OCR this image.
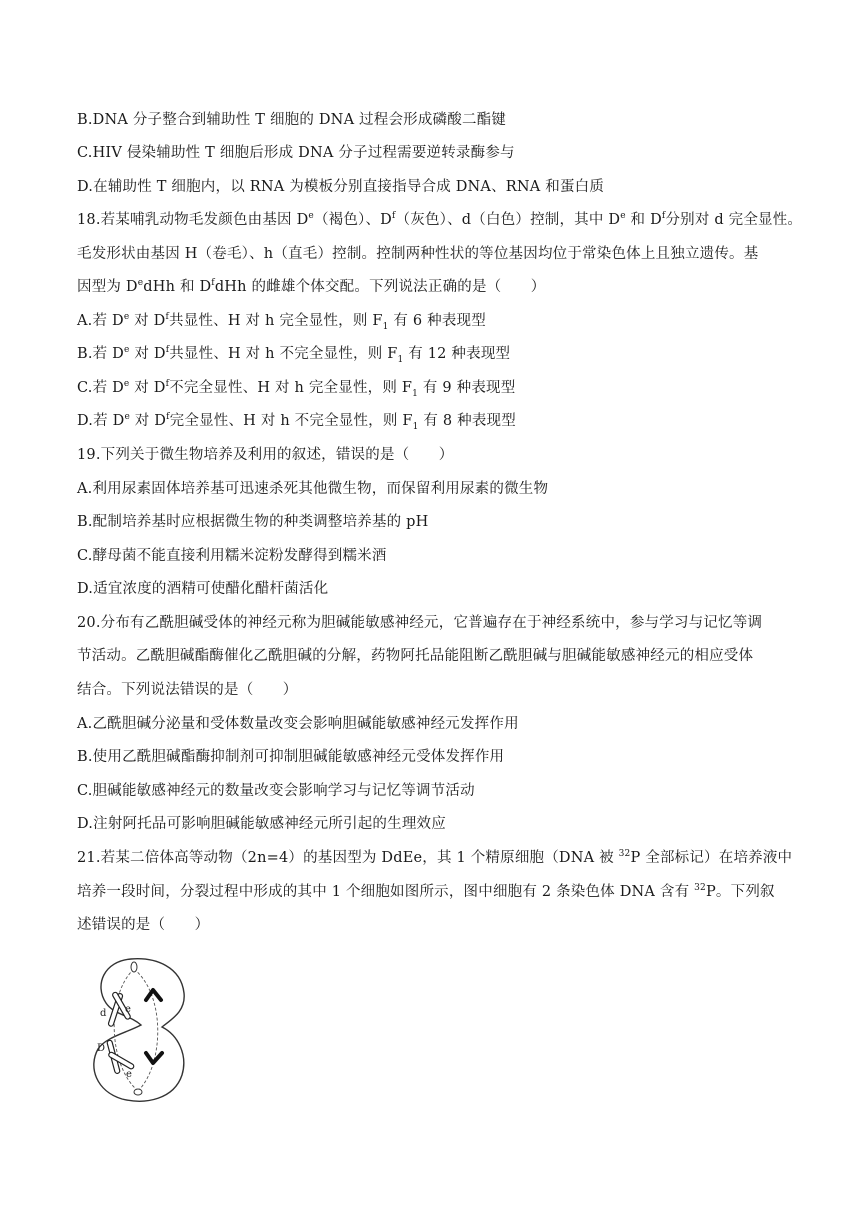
B.DNA 分子整合到辅助性 T 细胞的 DNA 过程会形成磷酸二酯键
C.HIV 侵染辅助性 T 细胞后形成 DNA 分子过程需要逆转录酶参与
D.在辅助性 T 细胞内，以 RNA 为模板分别直接指导合成 DNA、RNA 和蛋白质
18.若某哺乳动物毛发颜色由基因 De（褐色）、$D^f$（灰色）、d（白色）控制，其中 De 和 $D^f$分别对 d 完全显性。
毛发形状由基因 H（卷毛）、h（直毛）控制。控制两种性状的等位基因均位于常染色体上且独立遗传。基
因型为 DedHh 和 $D^fdHh$ 的雌雄个体交配。下列说法正确的是（　　）
A.若 De 对 $D^f$共显性、H 对 h 完全显性，则 $F_1$ 有 6 种表现型
B.若 De 对 $D^f$共显性、H 对 h 不完全显性，则 $F_1$ 有 12 种表现型
C.若 De 对 $D^f$不完全显性、H 对 h 完全显性，则 $F_1$ 有 9 种表现型
D.若 De 对 $D^f$完全显性、H 对 h 不完全显性，则 $F_1$ 有 8 种表现型
19.下列关于微生物培养及利用的叙述，错误的是（　　）
A.利用尿素固体培养基可迅速杀死其他微生物，而保留利用尿素的微生物
B.配制培养基时应根据微生物的种类调整培养基的 pH
C.酵母菌不能直接利用糯米淀粉发酵得到糯米酒
D.适宜浓度的酒精可使醋化醋杆菌活化
20.分布有乙酰胆碱受体的神经元称为胆碱能敏感神经元，它普遍存在于神经系统中，参与学习与记忆等调
节活动。乙酰胆碱酯酶催化乙酰胆碱的分解，药物阿托品能阻断乙酰胆碱与胆碱能敏感神经元的相应受体
结合。下列说法错误的是（　　）
A.乙酰胆碱分泌量和受体数量改变会影响胆碱能敏感神经元发挥作用
B.使用乙酰胆碱酯酶抑制剂可抑制胆碱能敏感神经元受体发挥作用
C.胆碱能敏感神经元的数量改变会影响学习与记忆等调节活动
D.注射阿托品可影响胆碱能敏感神经元所引起的生理效应
21.若某二倍体高等动物（2n=4）的基因型为 DdEe，其 1 个精原细胞（DNA 被 $^{32}$P 全部标记）在培养液中
培养一段时间，分裂过程中形成的其中 1 个细胞如图所示，图中细胞有 2 条染色体 DNA 含有 $^{32}$P。下列叙
述错误的是（　　）
d e
D
e
